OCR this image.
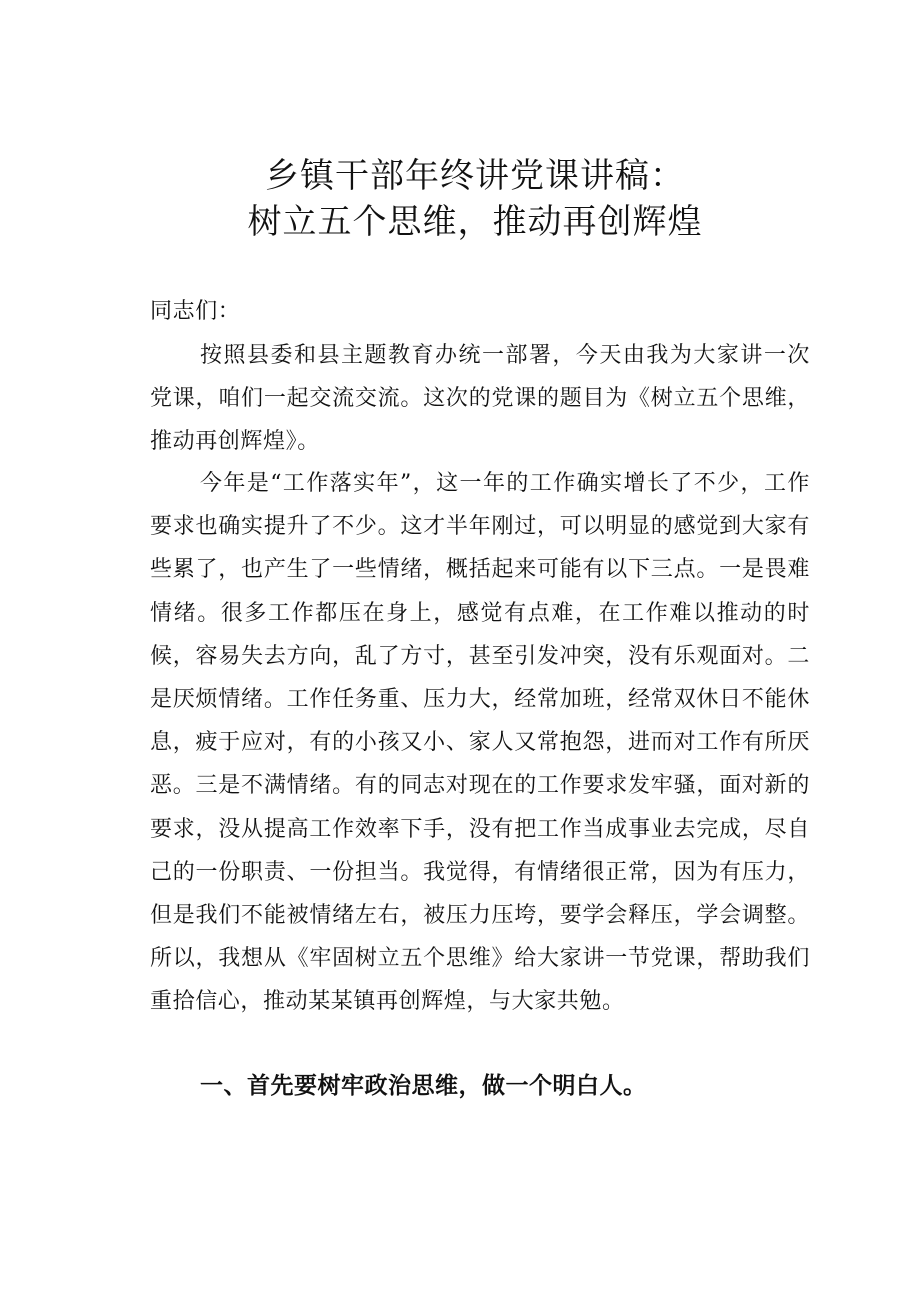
乡镇干部年终讲党课讲稿：
树立五个思维，推动再创辉煌

同志们：

按照县委和县主题教育办统一部署，今天由我为大家讲一次党课，咱们一起交流交流。这次的党课的题目为《树立五个思维，推动再创辉煌》。

今年是“工作落实年”，这一年的工作确实增长了不少，工作要求也确实提升了不少。这才半年刚过，可以明显的感觉到大家有些累了，也产生了一些情绪，概括起来可能有以下三点。一是畏难情绪。很多工作都压在身上，感觉有点难，在工作难以推动的时候，容易失去方向，乱了方寸，甚至引发冲突，没有乐观面对。二是厌烦情绪。工作任务重、压力大，经常加班，经常双休日不能休息，疲于应对，有的小孩又小、家人又常抱怨，进而对工作有所厌恶。三是不满情绪。有的同志对现在的工作要求发牢骚，面对新的要求，没从提高工作效率下手，没有把工作当成事业去完成，尽自己的一份职责、一份担当。我觉得，有情绪很正常，因为有压力，但是我们不能被情绪左右，被压力压垮，要学会释压，学会调整。所以，我想从《牢固树立五个思维》给大家讲一节党课，帮助我们重拾信心，推动某某镇再创辉煌，与大家共勉。

一、首先要树牢政治思维，做一个明白人。
